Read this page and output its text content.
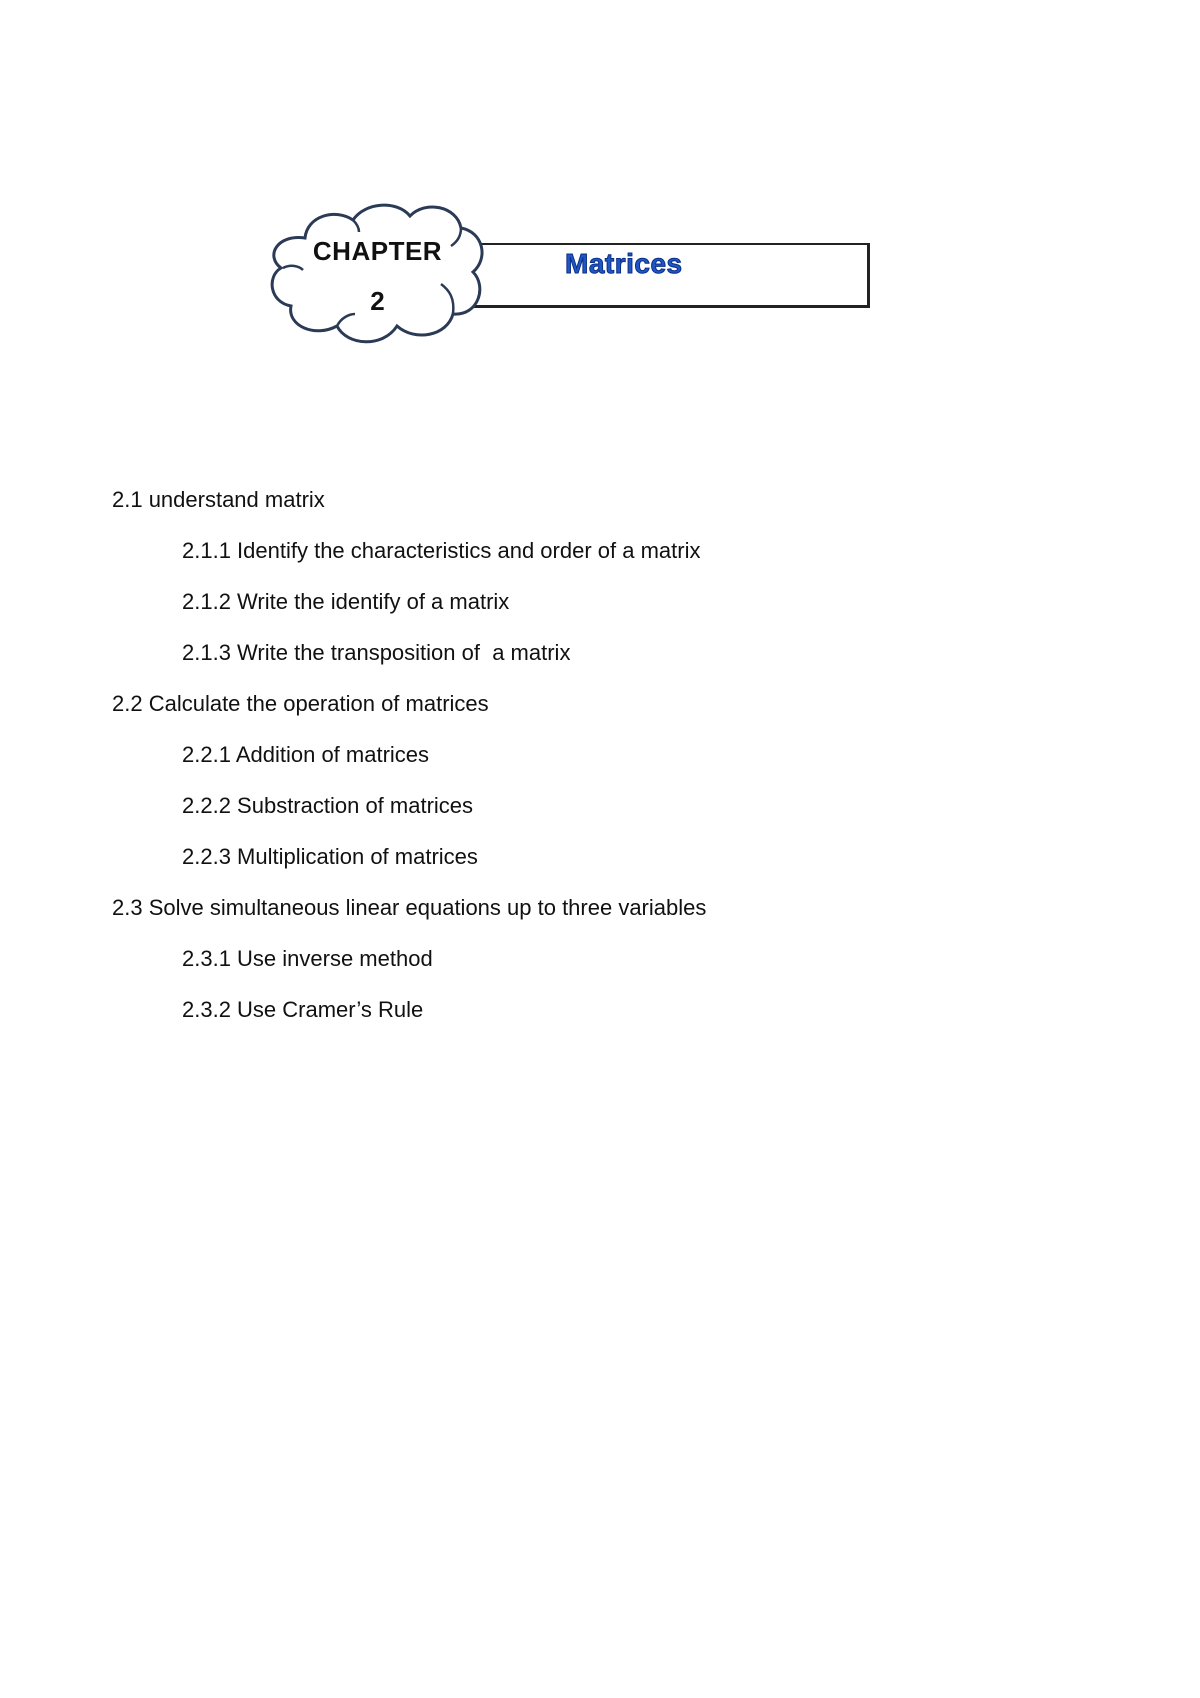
Matrices
CHAPTER
2
2.1 understand matrix
2.1.1 Identify the characteristics and order of a matrix
2.1.2 Write the identify of a matrix
2.1.3 Write the transposition of  a matrix
2.2 Calculate the operation of matrices
2.2.1 Addition of matrices
2.2.2 Substraction of matrices
2.2.3 Multiplication of matrices
2.3 Solve simultaneous linear equations up to three variables
2.3.1 Use inverse method
2.3.2 Use Cramer’s Rule
